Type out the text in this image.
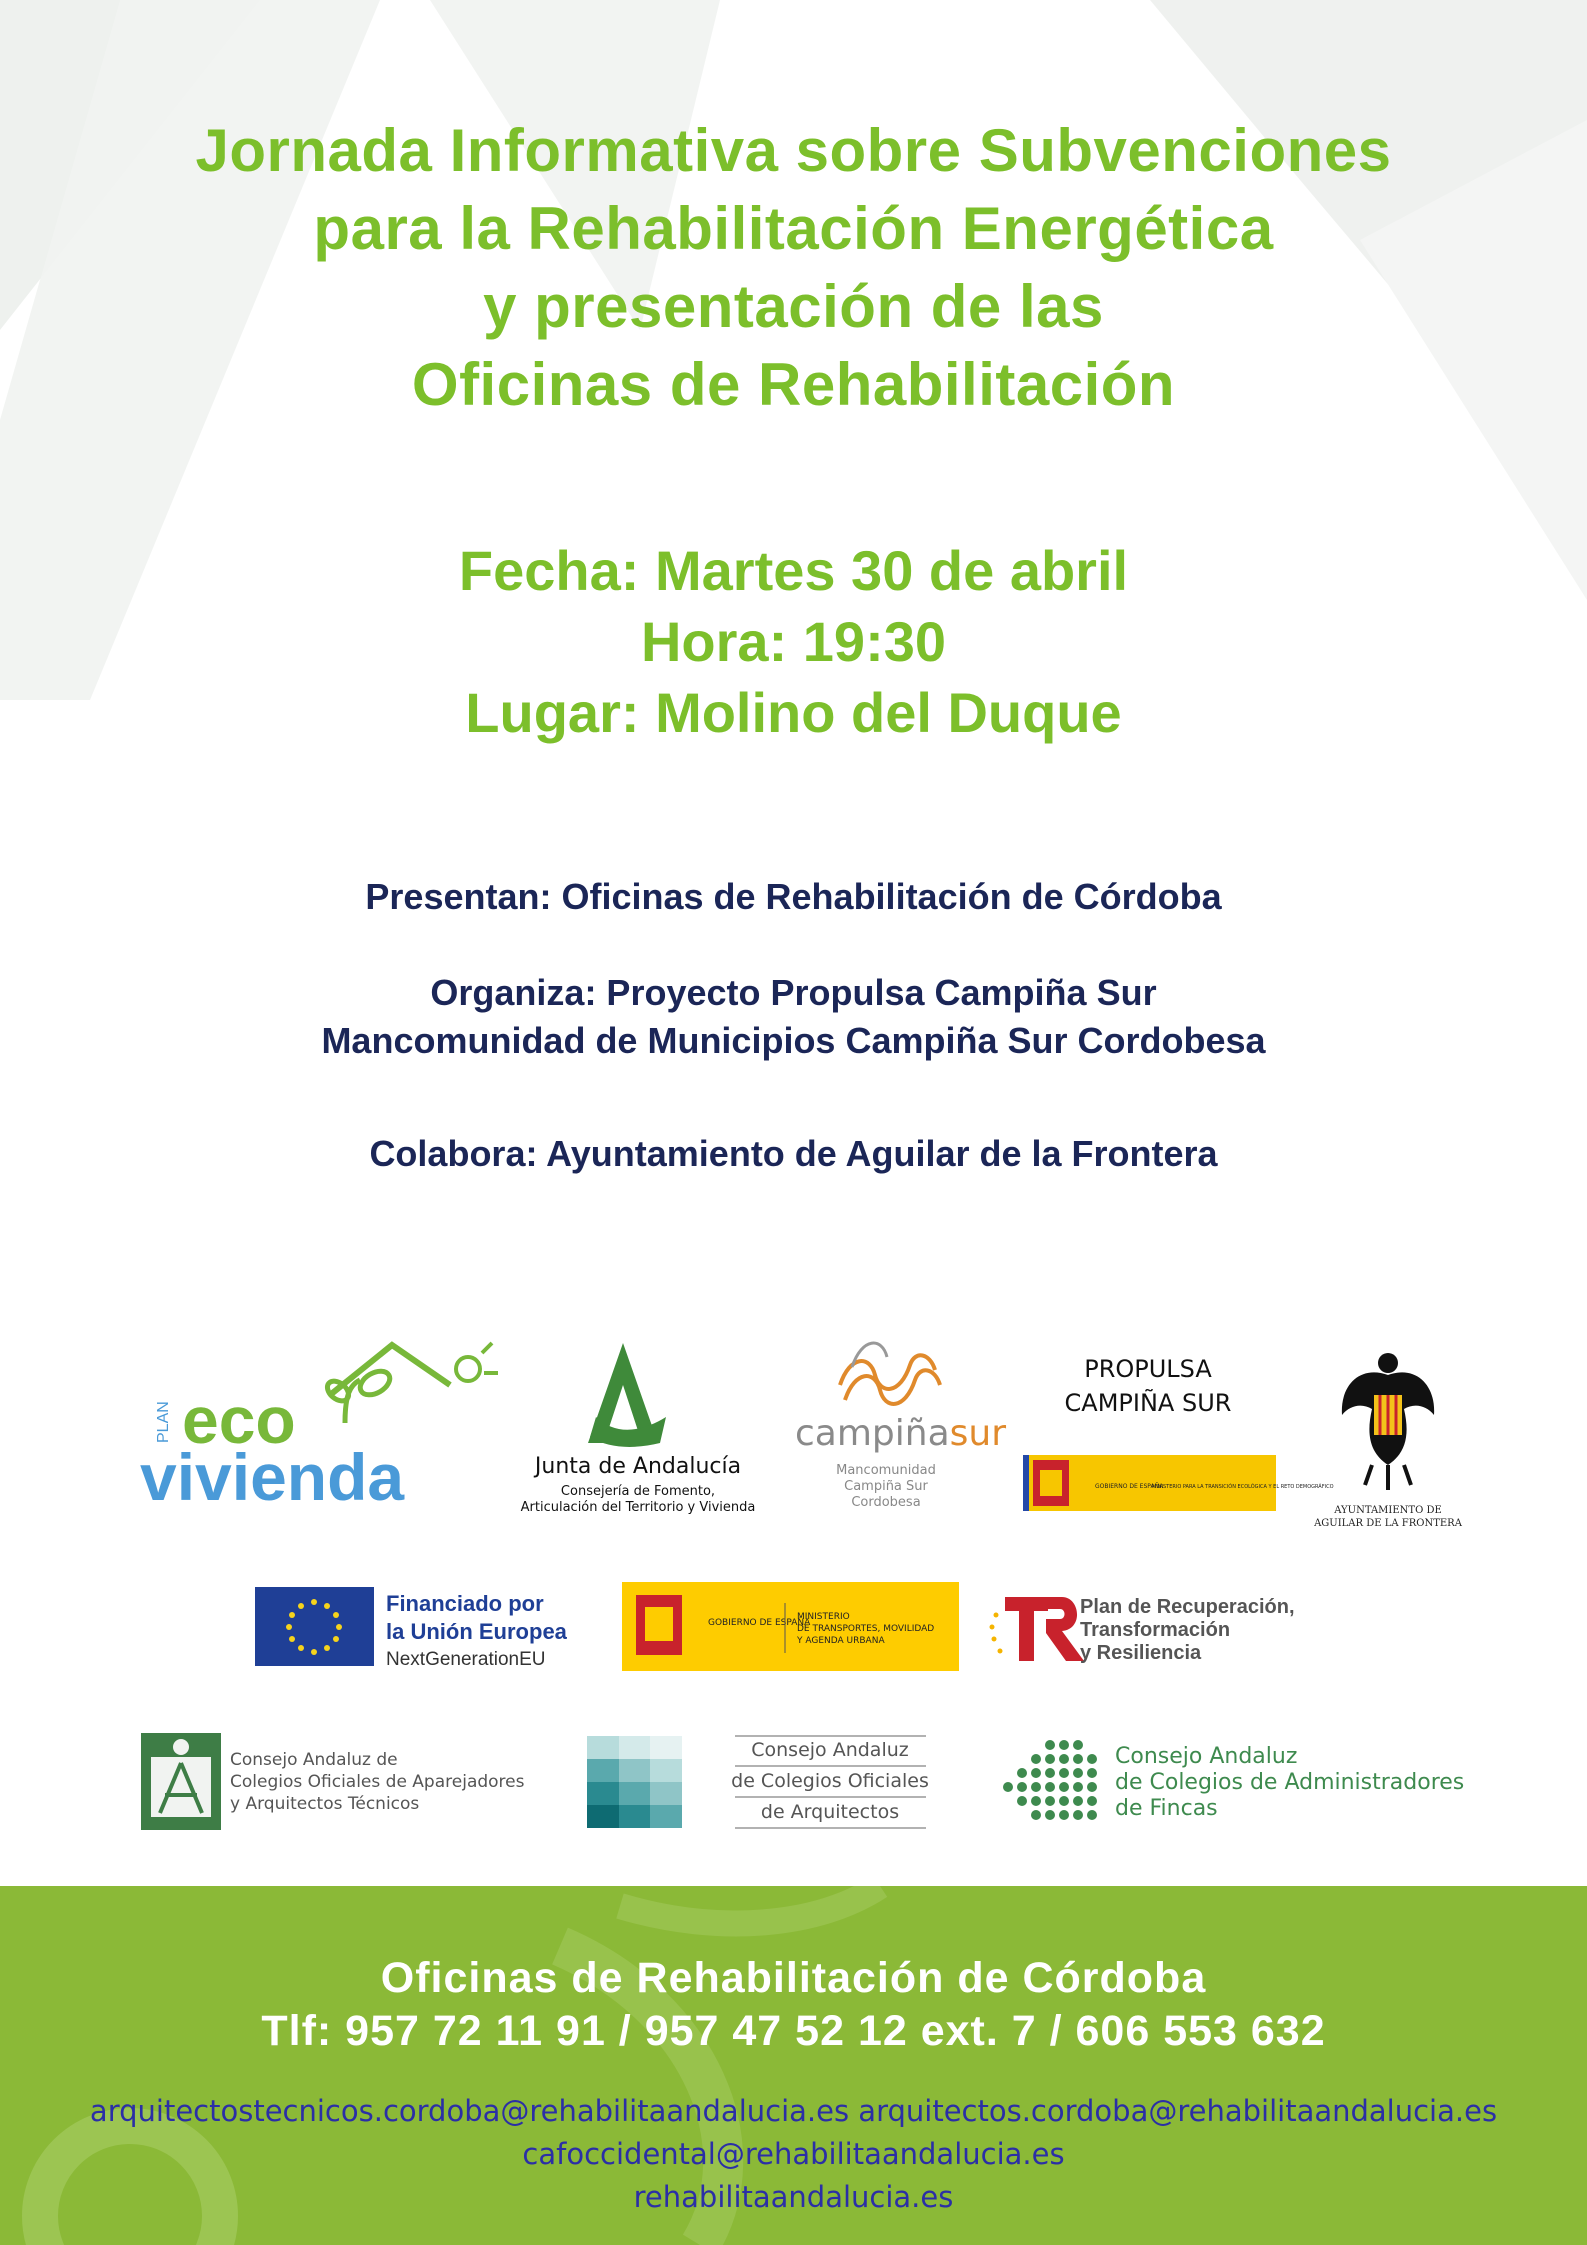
Jornada Informativa sobre Subvenciones
para la Rehabilitación Energética
y presentación de las
Oficinas de Rehabilitación
Fecha: Martes 30 de abril
Hora: 19:30
Lugar: Molino del Duque
Presentan: Oficinas de Rehabilitación de Córdoba
Organiza: Proyecto Propulsa Campiña Sur
Mancomunidad de Municipios Campiña Sur Cordobesa
Colabora: Ayuntamiento de Aguilar de la Frontera
PLAN eco
vivienda	Junta de Andalucía
Consejería de Fomento,
Articulación del Territorio y Vivienda
campiñasur
Mancomunidad
Campiña Sur
Cordobesa
PROPULSA
CAMPIÑA SUR
GOBIERNO DE ESPAÑA
MINISTERIO PARA LA TRANSICIÓN ECOLÓGICA Y EL RETO DEMOGRÁFICO
AYUNTAMIENTO DE
AGUILAR DE LA FRONTERA
Financiado por
la Unión Europea
NextGenerationEU
GOBIERNO DE ESPAÑA
MINISTERIO
DE TRANSPORTES, MOVILIDAD
Y AGENDA URBANA
Plan de Recuperación,
Transformación
y Resiliencia
Consejo Andaluz de
Colegios Oficiales de Aparejadores
y Arquitectos Técnicos
Consejo Andaluz
de Colegios Oficiales
de Arquitectos
Consejo Andaluz
de Colegios de Administradores
de Fincas
Oficinas de Rehabilitación de Córdoba
Tlf: 957 72 11 91 / 957 47 52 12 ext. 7 / 606 553 632
arquitectostecnicos.cordoba@rehabilitaandalucia.es arquitectos.cordoba@rehabilitaandalucia.es
cafoccidental@rehabilitaandalucia.es
rehabilitaandalucia.es
